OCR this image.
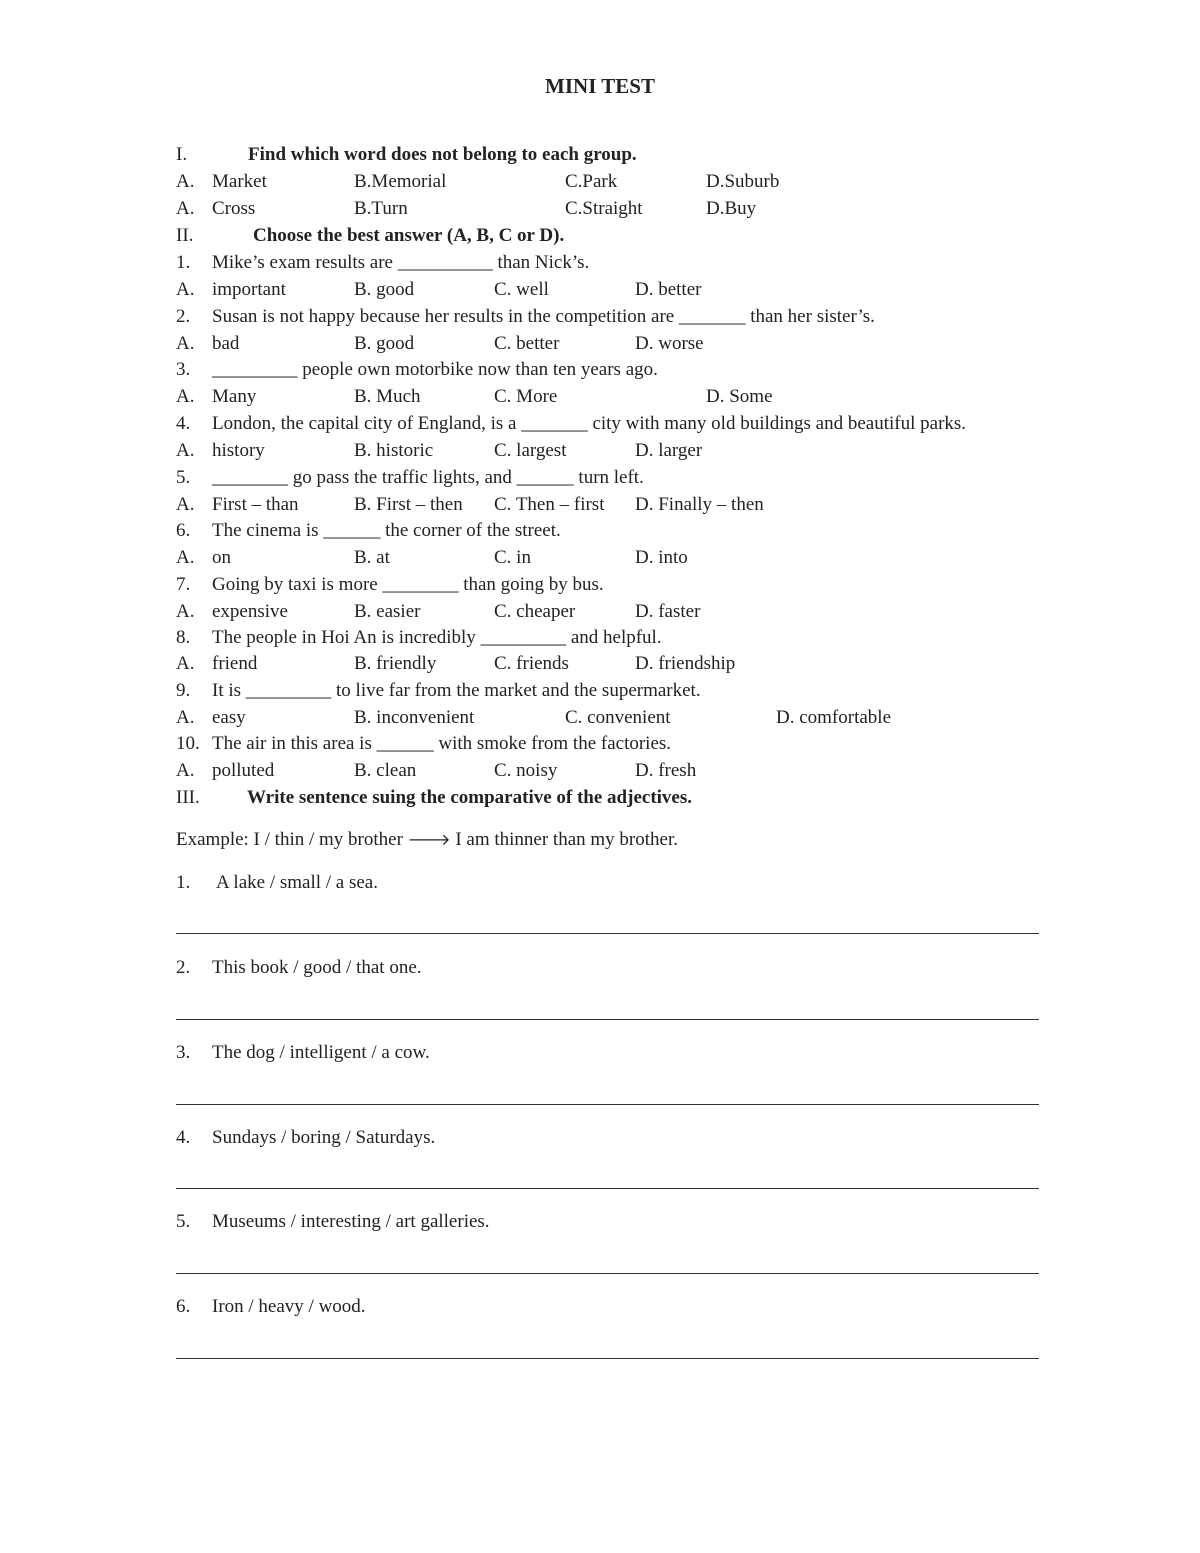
MINI TEST
I.	Find which word does not belong to each group.
A. Market	B.Memorial	C.Park	D.Suburb
A. Cross	B.Turn	C.Straight	D.Buy
II.	Choose the best answer (A, B, C or D).
1. Mike’s exam results are __________ than Nick’s.
A. important	B. good	C. well	D. better
2. Susan is not happy because her results in the competition are _______ than her sister’s.
A. bad	B. good	C. better	D. worse
3. _________ people own motorbike now than ten years ago.
A. Many	B. Much	C. More	D. Some
4. London, the capital city of England, is a _______ city with many old buildings and beautiful parks.
A. history	B. historic	C. largest	D. larger
5. ________ go pass the traffic lights, and ______ turn left.
A. First – than	B. First – then C. Then – first D. Finally – then
6. The cinema is ______ the corner of the street.
A. on	B. at	C. in	D. into
7. Going by taxi is more ________ than going by bus.
A. expensive	B. easier	C. cheaper	D. faster
8. The people in Hoi An is incredibly _________ and helpful.
A. friend	B. friendly	C. friends	D. friendship
9. It is _________ to live far from the market and the supermarket.
A. easy	B. inconvenient	C. convenient	D. comfortable
10. The air in this area is ______ with smoke from the factories.
A. polluted	B. clean	C. noisy	D. fresh
III. Write sentence suing the comparative of the adjectives.
Example: I / thin / my brother 🡒 I am thinner than my brother.
1. A lake / small / a sea.
2. This book / good / that one.
3. The dog / intelligent / a cow.
4. Sundays / boring / Saturdays.
5. Museums / interesting / art galleries.
6. Iron / heavy / wood.
